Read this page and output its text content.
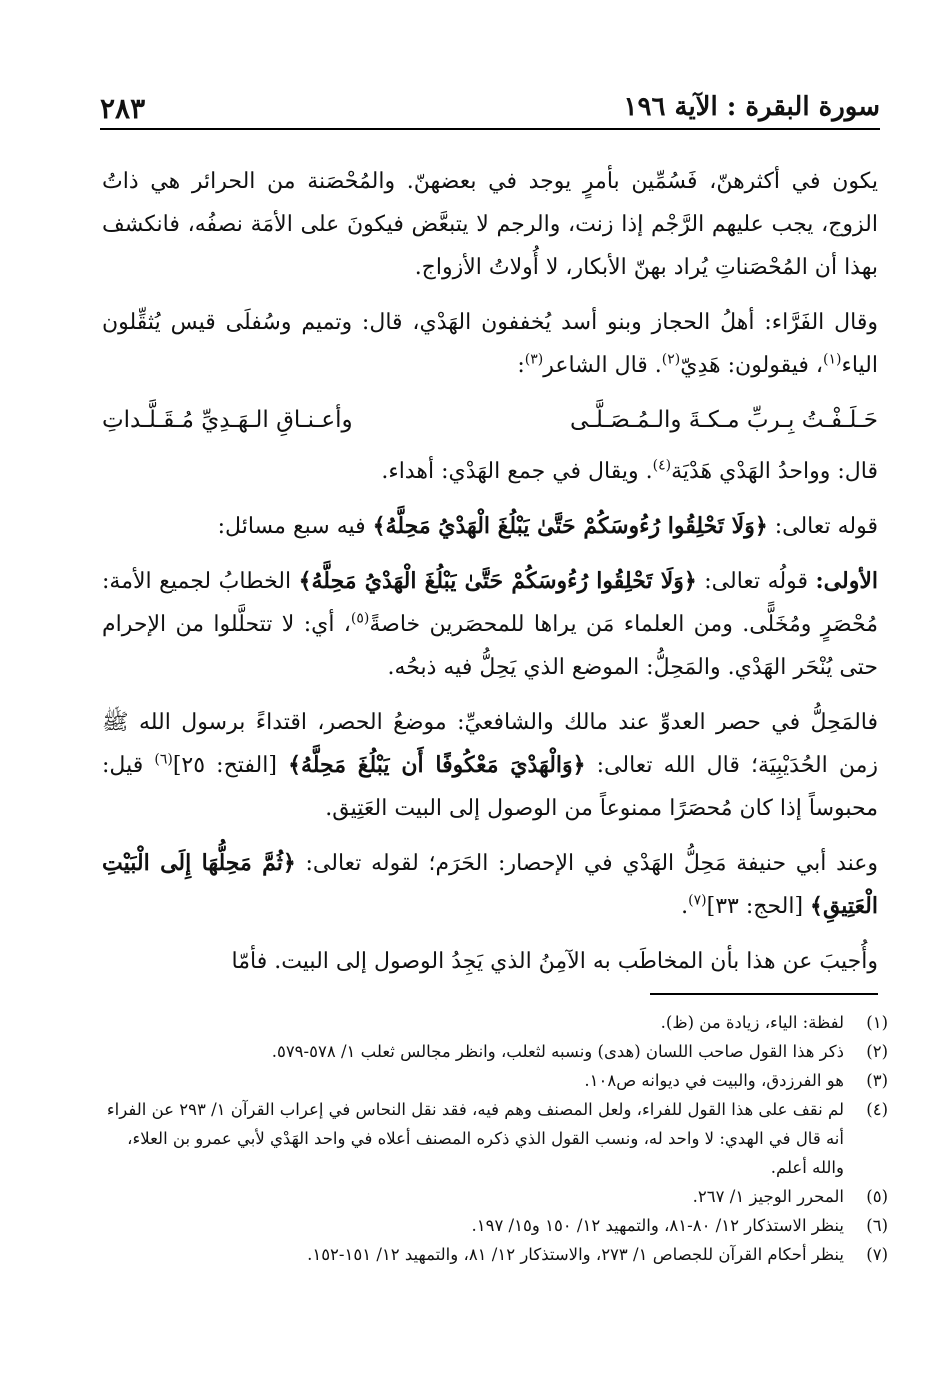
سورة البقرة : الآية ١٩٦
٢٨٣

يكون في أكثرهنّ، فَسُمِّين بأمرٍ يوجد في بعضهنّ. والمُحْصَنة من الحرائر هي ذاتُ الزوج، يجب عليهم الرَّجْم إذا زنت، والرجم لا يتبعَّض فيكونَ على الأمَة نصفُه، فانكشف بهذا أن المُحْصَناتِ يُراد بهنّ الأبكار، لا أُولاتُ الأزواج.

وقال الفَرَّاء: أهلُ الحجاز وبنو أسد يُخففون الهَدْي، قال: وتميم وسُفلَى قيس يُثقِّلون الياء$^{(١)}$، فيقولون: هَدِيّ$^{(٢)}$. قال الشاعر$^{(٣)}$:

حَـلَـفْـتُ بِـربِّ مـكـةَ والـمُـصَـلَّـى
وأعـنـاقِ الـهَـدِيِّ مُـقَـلَّـداتِ

قال: وواحدُ الهَدْي هَدْيَة$^{(٤)}$. ويقال في جمع الهَدْي: أهداء.

قوله تعالى: ﴿وَلَا تَحْلِقُوا رُءُوسَكُمْ حَتَّىٰ يَبْلُغَ الْهَدْيُ مَحِلَّهُ﴾ فيه سبع مسائل:

الأولى: قولُه تعالى: ﴿وَلَا تَحْلِقُوا رُءُوسَكُمْ حَتَّىٰ يَبْلُغَ الْهَدْيُ مَحِلَّهُ﴾ الخطابُ لجميع الأمة: مُحْصَرٍ ومُخَلًّى. ومن العلماء مَن يراها للمحصَرين خاصةً$^{(٥)}$، أي: لا تتحلَّلوا من الإحرام حتى يُنْحَر الهَدْي. والمَحِلُّ: الموضع الذي يَحِلُّ فيه ذبحُه.

فالمَحِلُّ في حصر العدوِّ عند مالك والشافعيِّ: موضعُ الحصر، اقتداءً برسول الله ﷺ زمن الحُدَيْبِيَة؛ قال الله تعالى: ﴿وَالْهَدْيَ مَعْكُوفًا أَن يَبْلُغَ مَحِلَّهُ﴾ [الفتح: ٢٥]$^{(٦)}$ قيل: محبوساً إذا كان مُحصَرًا ممنوعاً من الوصول إلى البيت العَتِيق.

وعند أبي حنيفة مَحِلُّ الهَدْي في الإحصار: الحَرَم؛ لقوله تعالى: ﴿ثُمَّ مَحِلُّهَا إِلَى الْبَيْتِ الْعَتِيقِ﴾ [الحج: ٣٣]$^{(٧)}$.

وأُجيبَ عن هذا بأن المخاطَب به الآمِنُ الذي يَجِدُ الوصول إلى البيت. فأمّا

(١)
لفظة: الياء، زيادة من (ظ).
(٢)
ذكر هذا القول صاحب اللسان (هدى) ونسبه لثعلب، وانظر مجالس ثعلب ١/ ٥٧٨-٥٧٩.
(٣)
هو الفرزدق، والبيت في ديوانه ص١٠٨.
(٤)
لم نقف على هذا القول للفراء، ولعل المصنف وهم فيه، فقد نقل النحاس في إعراب القرآن ١/ ٢٩٣ عن الفراء أنه قال في الهدي: لا واحد له، ونسب القول الذي ذكره المصنف أعلاه في واحد الهَدْي لأبي عمرو بن العلاء، والله أعلم.
(٥)
المحرر الوجيز ١/ ٢٦٧.
(٦)
ينظر الاستذكار ١٢/ ٨٠-٨١، والتمهيد ١٢/ ١٥٠ و١٥/ ١٩٧.
(٧)
ينظر أحكام القرآن للجصاص ١/ ٢٧٣، والاستذكار ١٢/ ٨١، والتمهيد ١٢/ ١٥١-١٥٢.
